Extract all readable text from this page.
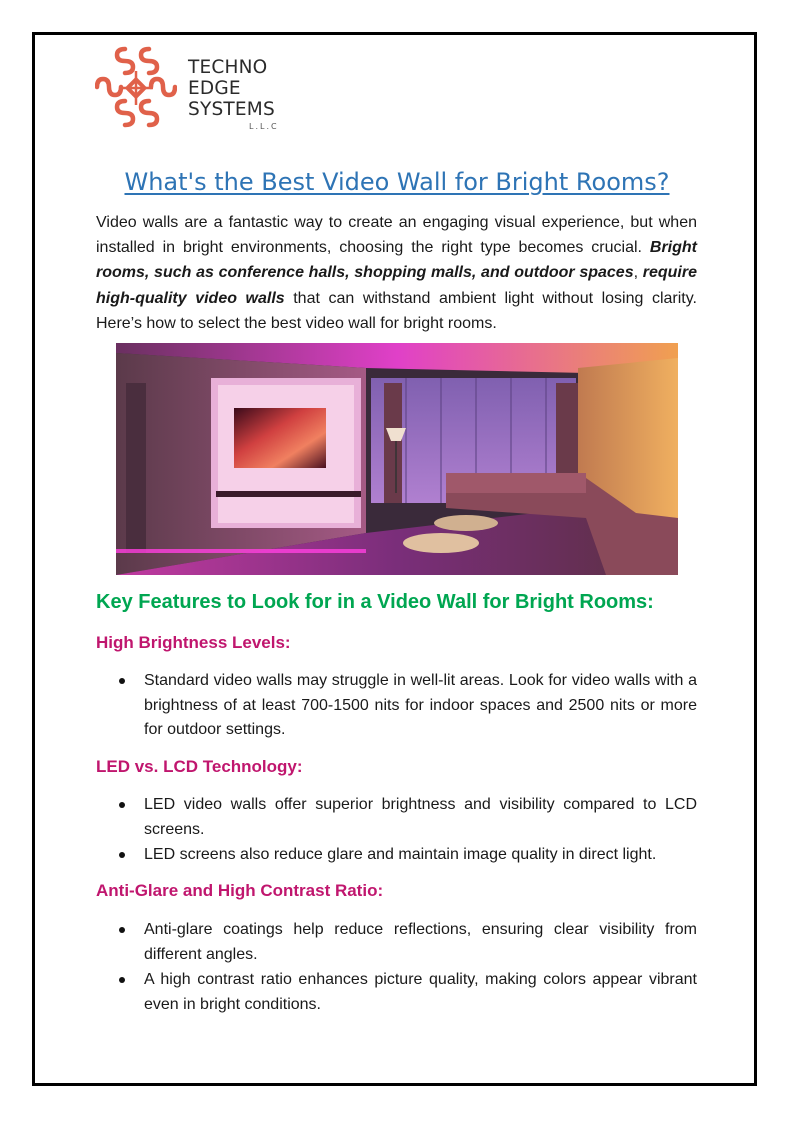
TECHNO
EDGE
SYSTEMS
L.L.C
What's the Best Video Wall for Bright Rooms?

Video walls are a fantastic way to create an engaging visual experience, but when installed in bright environments, choosing the right type becomes crucial. Bright rooms, such as conference halls, shopping malls, and outdoor spaces, require high-quality video walls that can withstand ambient light without losing clarity. Here’s how to select the best video wall for bright rooms.

Key Features to Look for in a Video Wall for Bright Rooms:
High Brightness Levels:
Standard video walls may struggle in well-lit areas. Look for video walls with a brightness of at least 700-1500 nits for indoor spaces and 2500 nits or more for outdoor settings.
LED vs. LCD Technology:
LED video walls offer superior brightness and visibility compared to LCD screens.
LED screens also reduce glare and maintain image quality in direct light.
Anti-Glare and High Contrast Ratio:
Anti-glare coatings help reduce reflections, ensuring clear visibility from different angles.
A high contrast ratio enhances picture quality, making colors appear vibrant even in bright conditions.
